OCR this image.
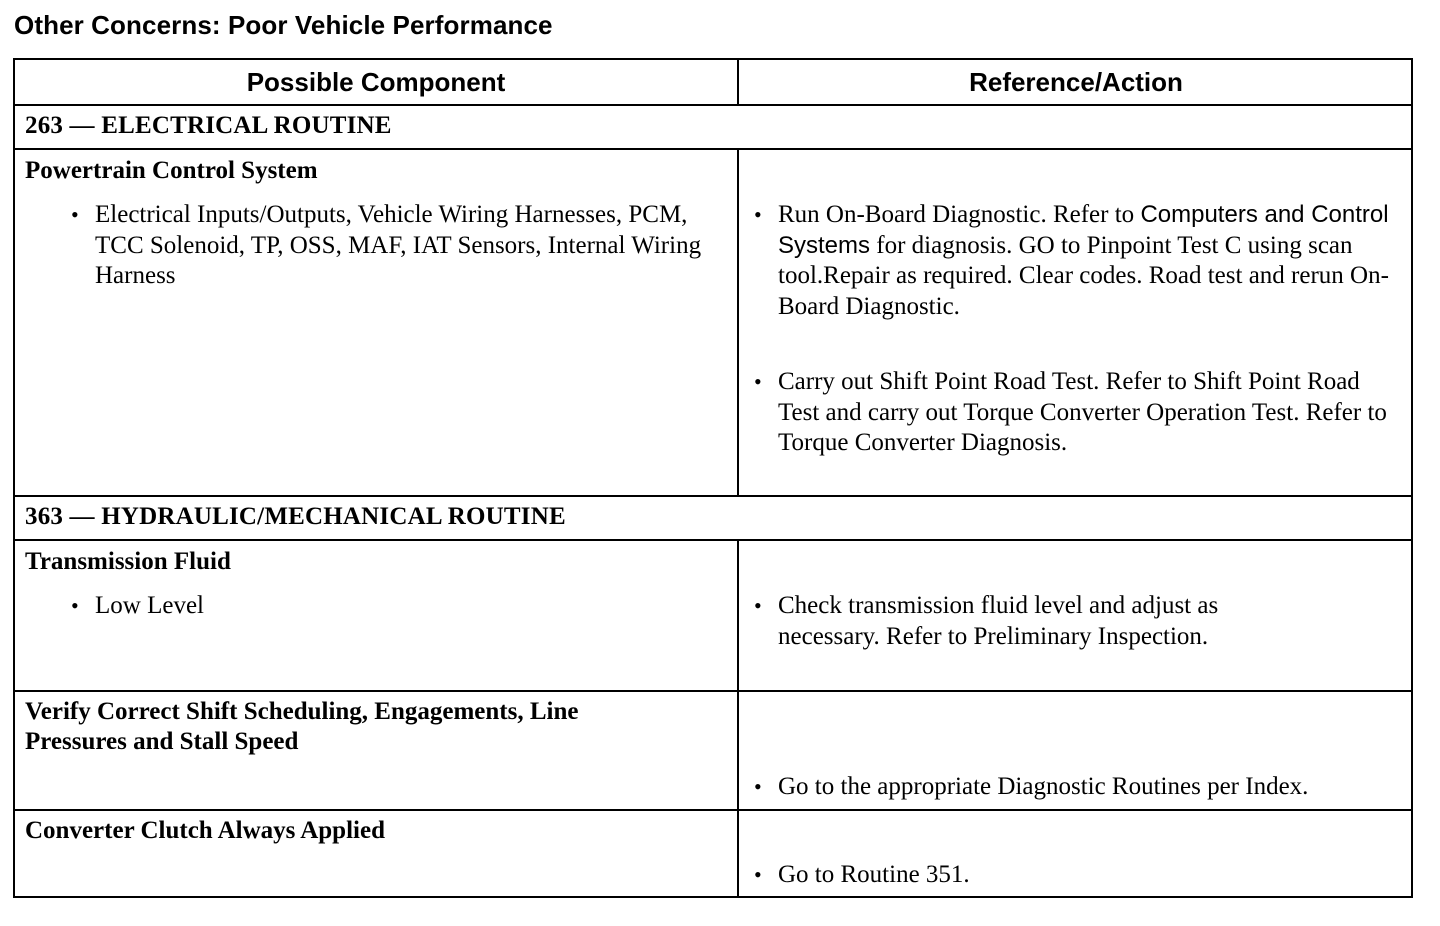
Other Concerns: Poor Vehicle Performance
Possible Component	Reference/Action
263 — ELECTRICAL ROUTINE
Powertrain Control System
• Electrical Inputs/Outputs, Vehicle Wiring Harnesses, PCM, TCC Solenoid, TP, OSS, MAF, IAT Sensors, Internal Wiring Harness
• Run On-Board Diagnostic. Refer to Computers and Control Systems for diagnosis. GO to Pinpoint Test C using scan tool.Repair as required. Clear codes. Road test and rerun On-Board Diagnostic.
• Carry out Shift Point Road Test. Refer to Shift Point Road Test and carry out Torque Converter Operation Test. Refer to Torque Converter Diagnosis.
363 — HYDRAULIC/MECHANICAL ROUTINE
Transmission Fluid
• Low Level	• Check transmission fluid level and adjust as necessary. Refer to Preliminary Inspection.
Verify Correct Shift Scheduling, Engagements, Line Pressures and Stall Speed
• Go to the appropriate Diagnostic Routines per Index.
Converter Clutch Always Applied
• Go to Routine 351.
